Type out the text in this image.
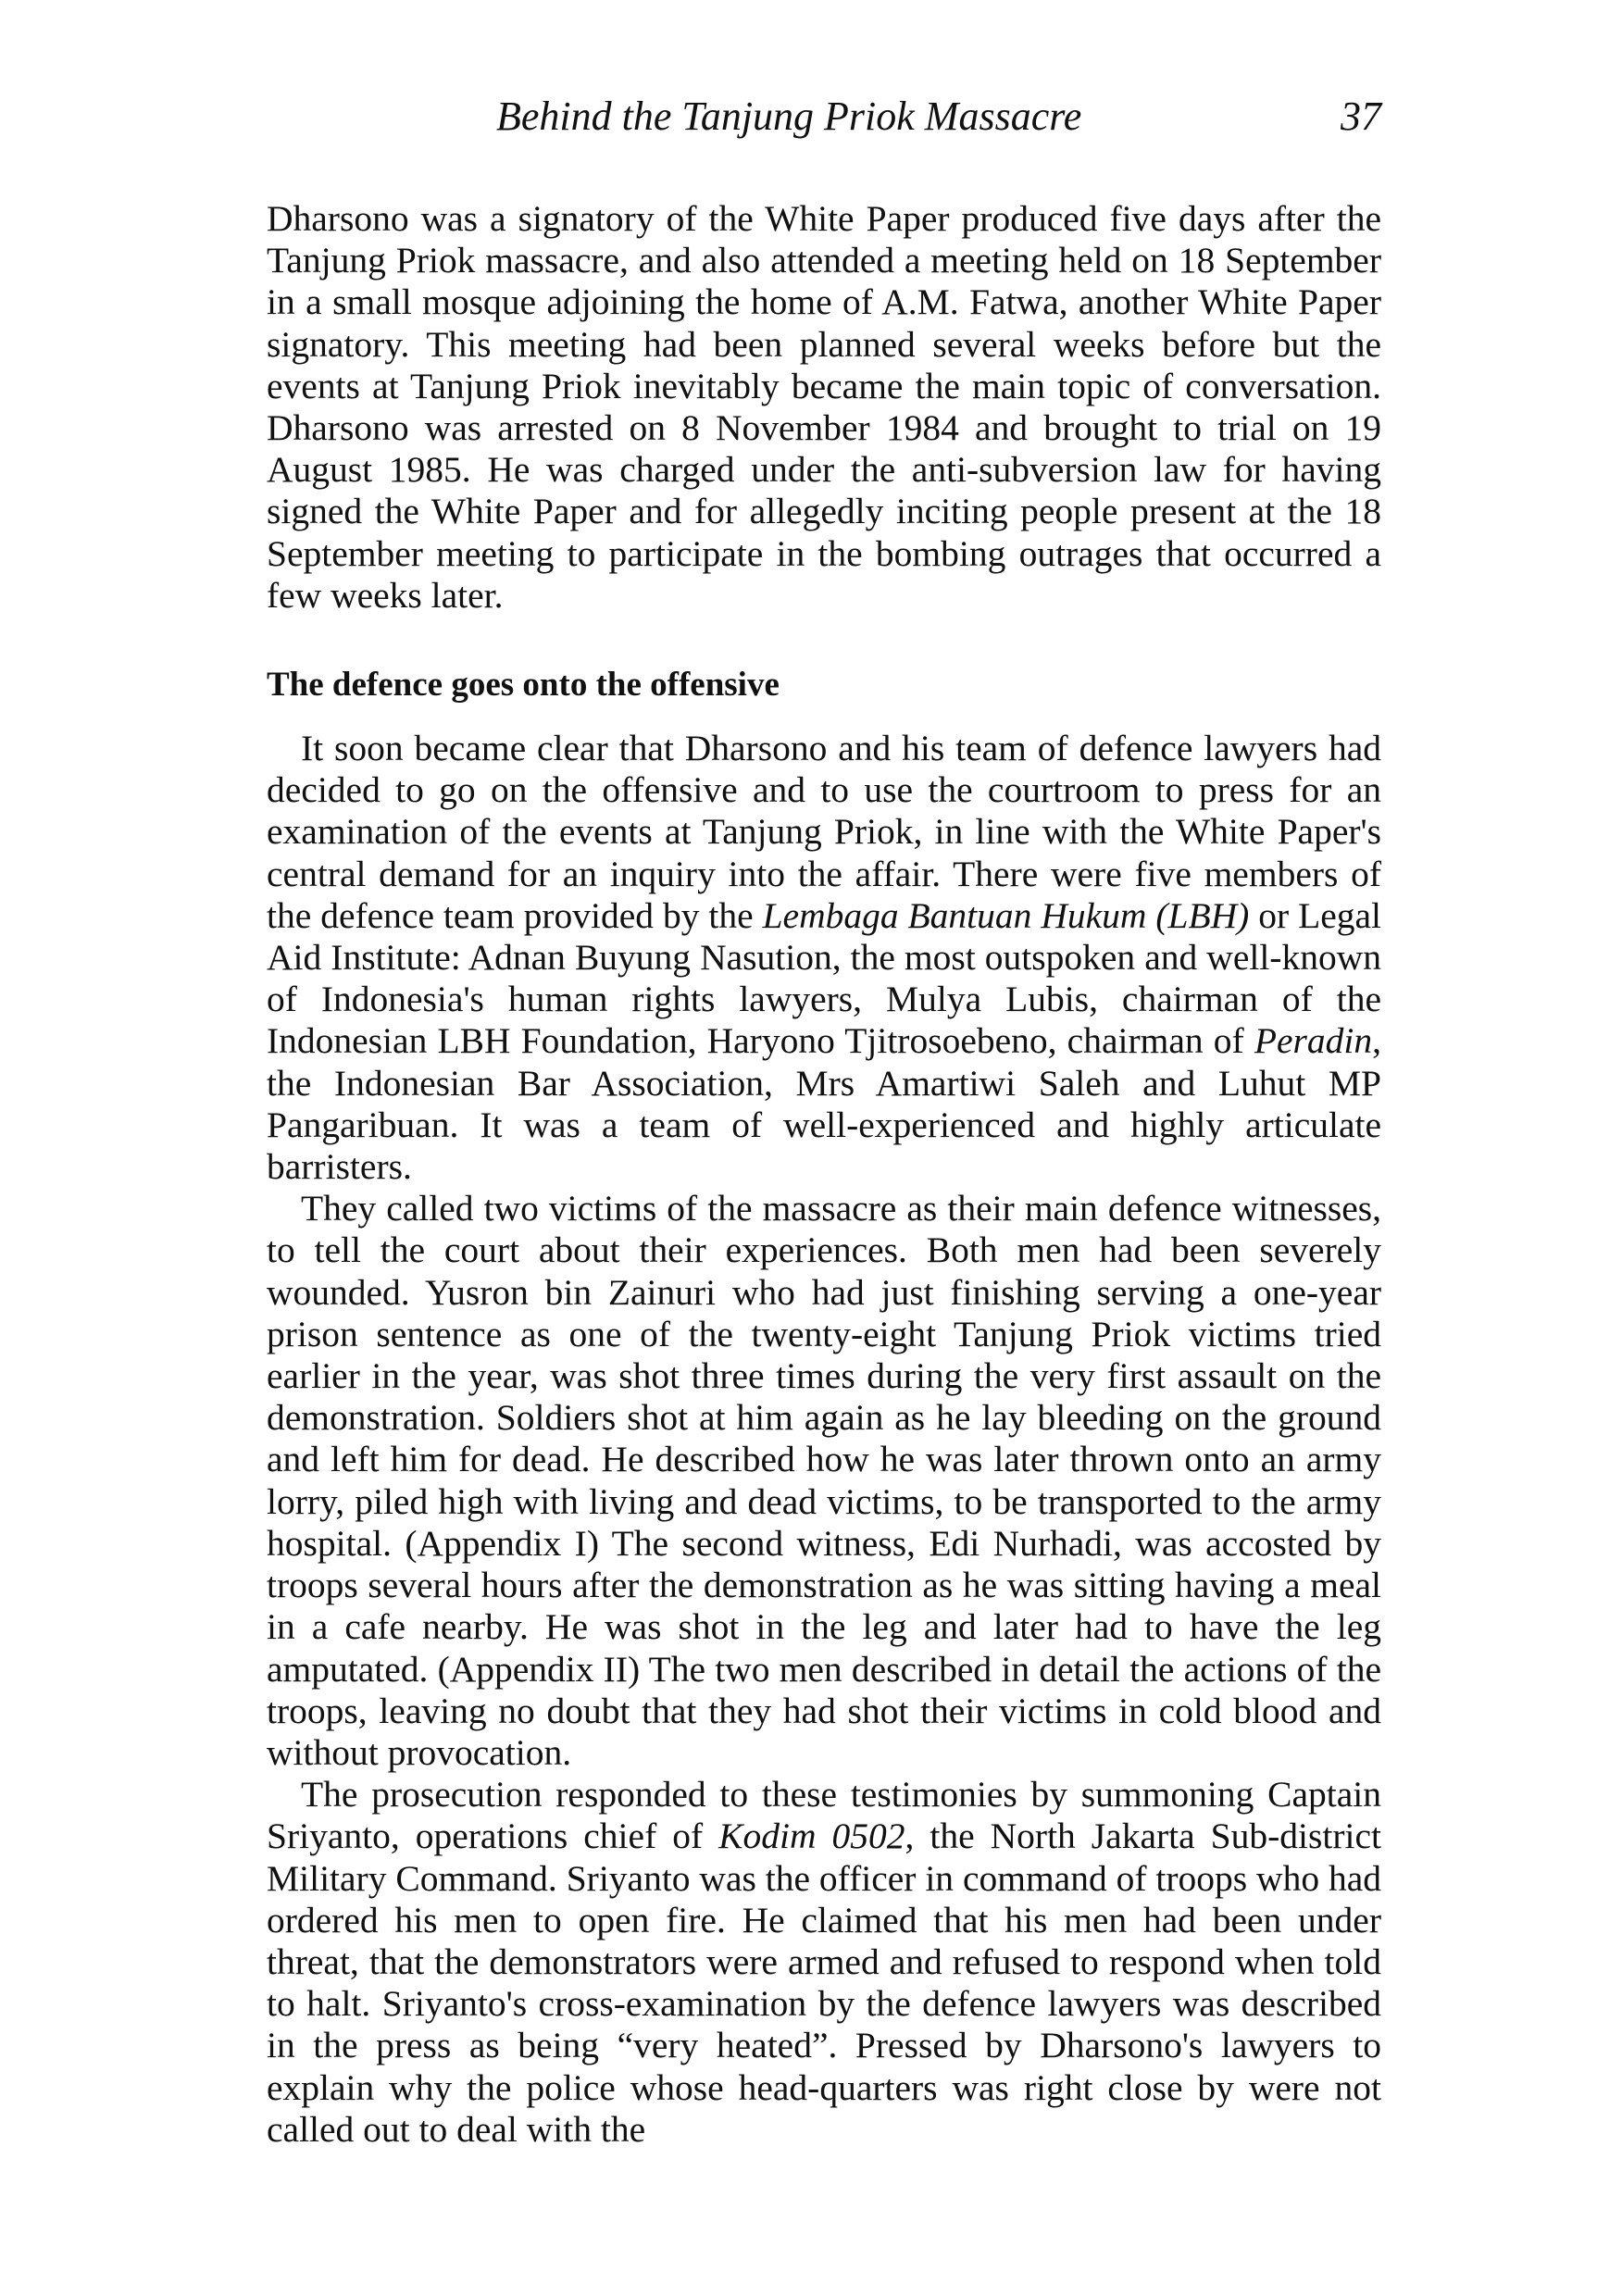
Behind the Tanjung Priok Massacre	37

Dharsono was a signatory of the White Paper produced five days after the Tanjung Priok massacre, and also attended a meeting held on 18 September in a small mosque adjoining the home of A.M. Fatwa, another White Paper signatory. This meeting had been planned several weeks before but the events at Tanjung Priok inevitably became the main topic of conversation. Dharsono was arrested on 8 November 1984 and brought to trial on 19 August 1985. He was charged under the anti-subversion law for having signed the White Paper and for allegedly inciting people present at the 18 September meeting to participate in the bombing outrages that occurred a few weeks later.

The defence goes onto the offensive

It soon became clear that Dharsono and his team of defence lawyers had decided to go on the offensive and to use the courtroom to press for an examination of the events at Tanjung Priok, in line with the White Paper's central demand for an inquiry into the affair. There were five members of the defence team provided by the Lembaga Bantuan Hukum (LBH) or Legal Aid Institute: Adnan Buyung Nasution, the most outspoken and well-known of Indonesia's human rights lawyers, Mulya Lubis, chairman of the Indonesian LBH Foundation, Haryono Tjitrosoebeno, chairman of Peradin, the Indonesian Bar Association, Mrs Amartiwi Saleh and Luhut MP Pangaribuan. It was a team of well-experienced and highly articulate barristers.

They called two victims of the massacre as their main defence witnesses, to tell the court about their experiences. Both men had been severely wounded. Yusron bin Zainuri who had just finishing serving a one-year prison sentence as one of the twenty-eight Tanjung Priok victims tried earlier in the year, was shot three times during the very first assault on the demonstration. Soldiers shot at him again as he lay bleeding on the ground and left him for dead. He described how he was later thrown onto an army lorry, piled high with living and dead victims, to be transported to the army hospital. (Appendix I) The second witness, Edi Nurhadi, was accosted by troops several hours after the demonstration as he was sitting having a meal in a cafe nearby. He was shot in the leg and later had to have the leg amputated. (Appendix II) The two men described in detail the actions of the troops, leaving no doubt that they had shot their victims in cold blood and without provocation.

The prosecution responded to these testimonies by summoning Captain Sriyanto, operations chief of Kodim 0502, the North Jakarta Sub-district Military Command. Sriyanto was the officer in command of troops who had ordered his men to open fire. He claimed that his men had been under threat, that the demonstrators were armed and refused to respond when told to halt. Sriyanto's cross-examination by the defence lawyers was described in the press as being “very heated”. Pressed by Dharsono's lawyers to explain why the police whose head-quarters was right close by were not called out to deal with the
